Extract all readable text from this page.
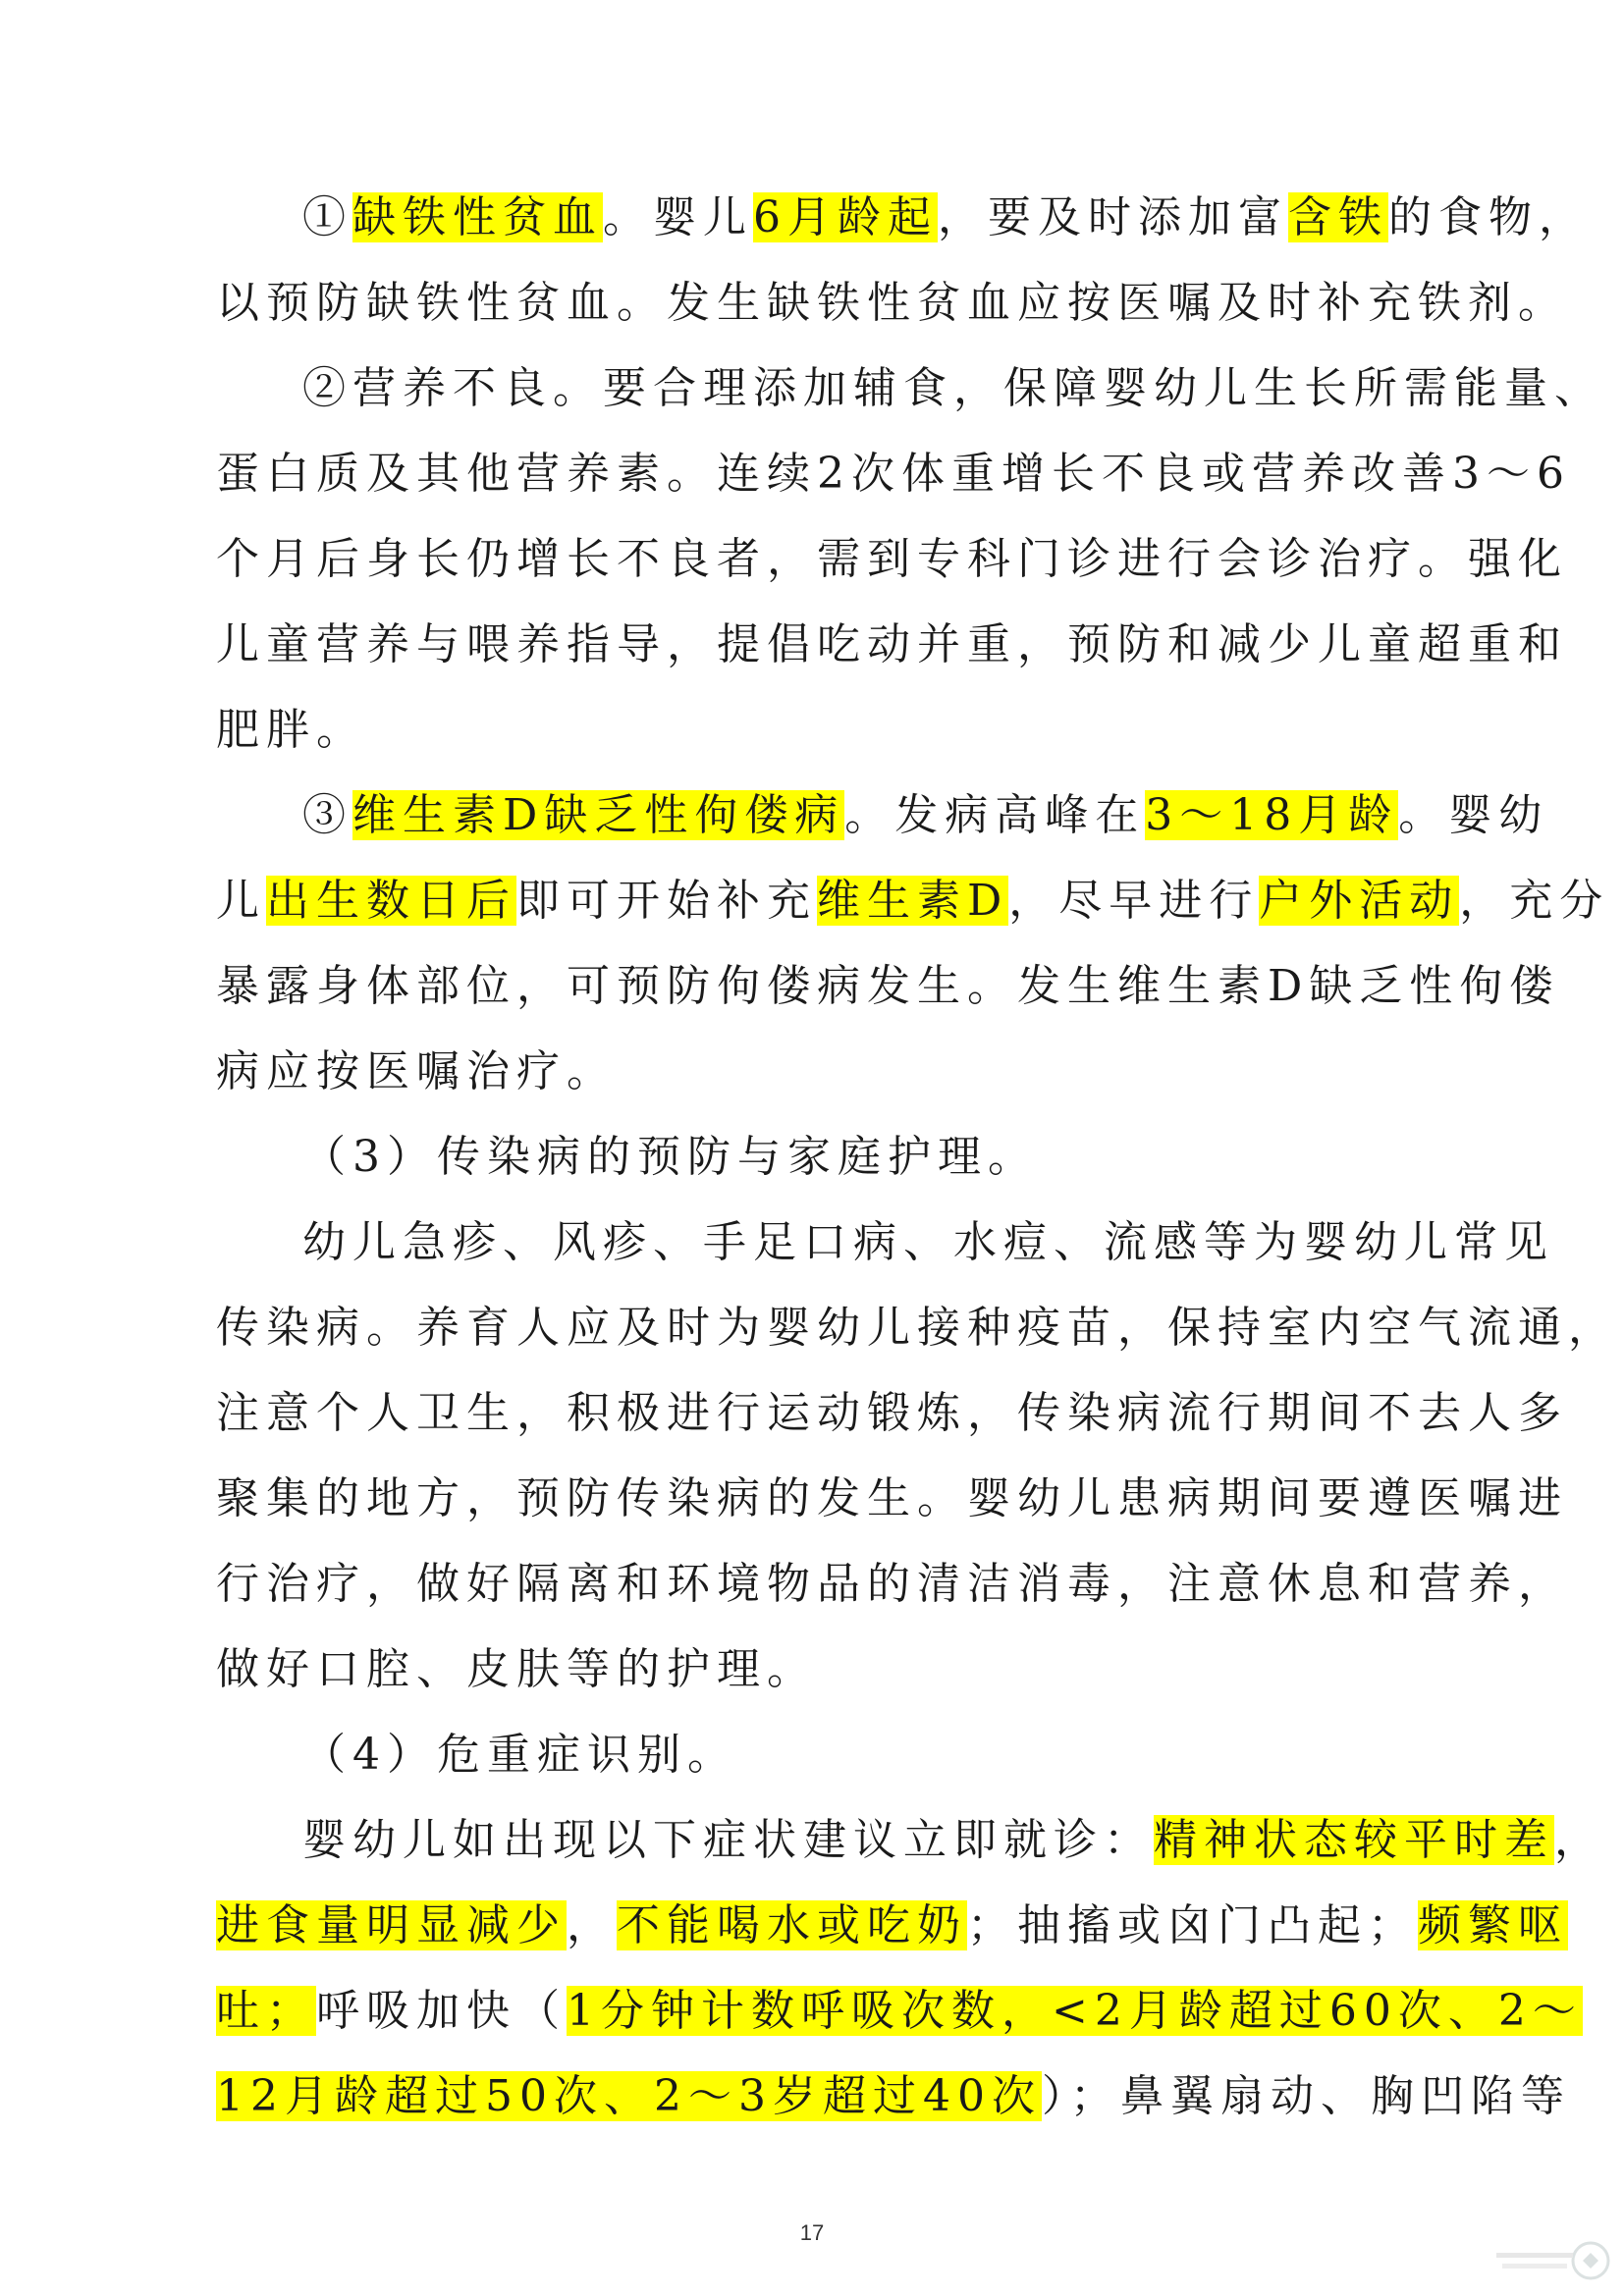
①缺铁性贫血。婴儿6月龄起，要及时添加富含铁的食物，
以预防缺铁性贫血。发生缺铁性贫血应按医嘱及时补充铁剂。
②营养不良。要合理添加辅食，保障婴幼儿生长所需能量、
蛋白质及其他营养素。连续2次体重增长不良或营养改善3～6
个月后身长仍增长不良者，需到专科门诊进行会诊治疗。强化
儿童营养与喂养指导，提倡吃动并重，预防和减少儿童超重和
肥胖。
③维生素D缺乏性佝偻病。发病高峰在3～18月龄。婴幼
儿出生数日后即可开始补充维生素D，尽早进行户外活动，充分
暴露身体部位，可预防佝偻病发生。发生维生素D缺乏性佝偻
病应按医嘱治疗。
（3）传染病的预防与家庭护理。
幼儿急疹、风疹、手足口病、水痘、流感等为婴幼儿常见
传染病。养育人应及时为婴幼儿接种疫苗，保持室内空气流通，
注意个人卫生，积极进行运动锻炼，传染病流行期间不去人多
聚集的地方，预防传染病的发生。婴幼儿患病期间要遵医嘱进
行治疗，做好隔离和环境物品的清洁消毒，注意休息和营养，
做好口腔、皮肤等的护理。
（4）危重症识别。
婴幼儿如出现以下症状建议立即就诊：精神状态较平时差，
进食量明显减少，不能喝水或吃奶；抽搐或囟门凸起；频繁呕
吐；呼吸加快（1分钟计数呼吸次数，<2月龄超过60次、2～
12月龄超过50次、2～3岁超过40次）；鼻翼扇动、胸凹陷等
17
